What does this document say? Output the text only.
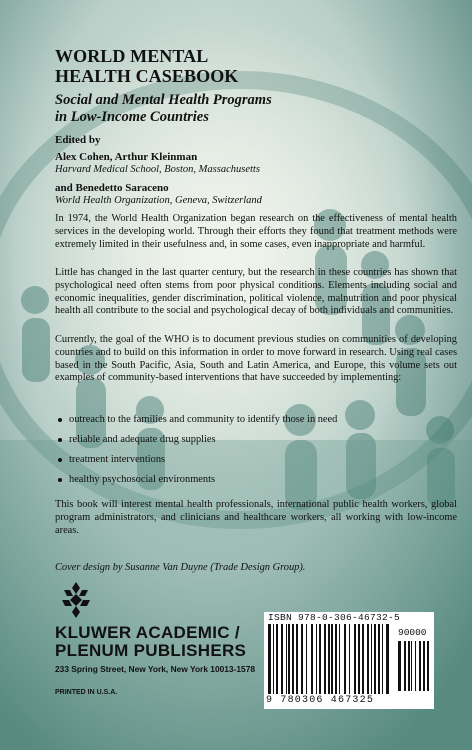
WORLD MENTAL
HEALTH CASEBOOK
Social and Mental Health Programs
in Low-Income Countries
Edited by
Alex Cohen, Arthur Kleinman
Harvard Medical School, Boston, Massachusetts
and Benedetto Saraceno
World Health Organization, Geneva, Switzerland

In 1974, the World Health Organization began research on the effectiveness of mental health services in the developing world. Through their efforts they found that treatment methods were extremely limited in their usefulness and, in some cases, even inappropriate and harmful.

Little has changed in the last quarter century, but the research in these countries has shown that psychological need often stems from poor physical conditions. Elements including social and economic inequalities, gender discrimination, political violence, malnutrition and poor physical health all contribute to the social and psychological decay of both individuals and communities.

Currently, the goal of the WHO is to document previous studies on communities of developing countries and to build on this information in order to move forward in research. Using real cases based in the South Pacific, Asia, South and Latin America, and Europe, this volume sets out examples of community-based interventions that have succeeded by implementing:

outreach to the families and community to identify those in need
reliable and adequate drug supplies
treatment interventions
healthy psychosocial environments

This book will interest mental health professionals, international public health workers, global program administrators, and clinicians and healthcare workers, all working with low-income areas.

Cover design by Susanne Van Duyne (Trade Design Group).
KLUWER ACADEMIC /
PLENUM PUBLISHERS
233 Spring Street, New York, New York 10013-1578
PRINTED IN U.S.A.
ISBN 978-0-306-46732-5
90000
9 780306 467325
